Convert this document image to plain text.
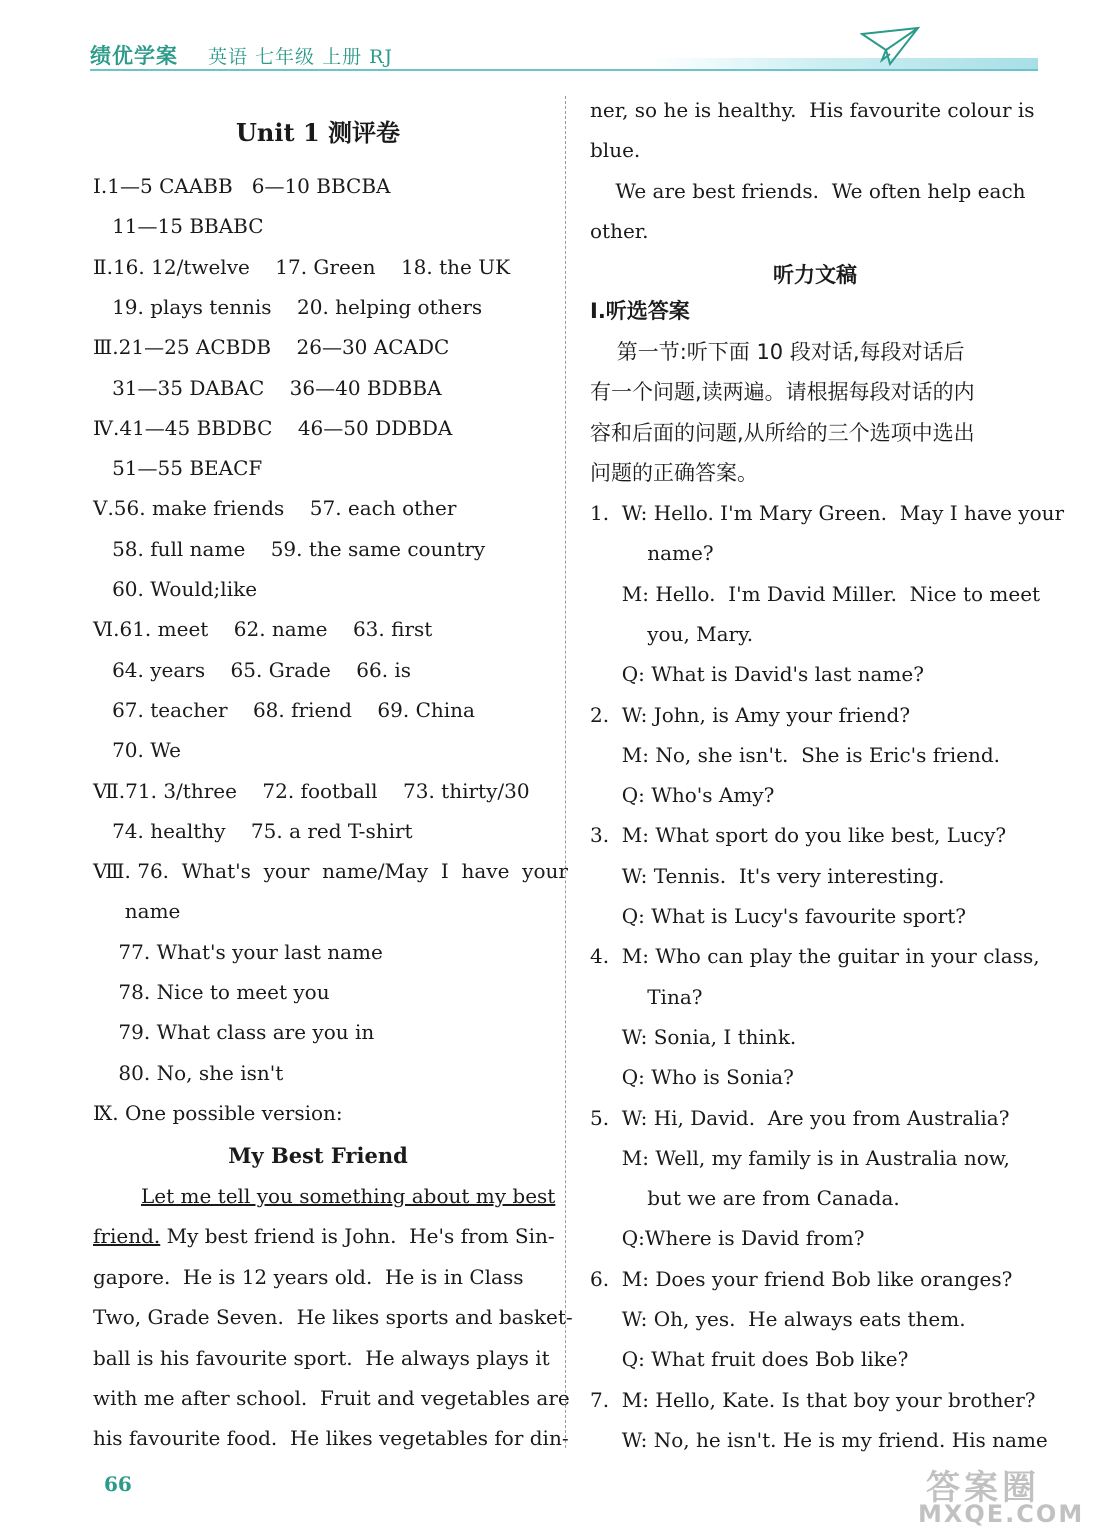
绩优学案 英语 七年级 上册 RJ
Unit 1 测评卷
Ⅰ.1—5 CAABB   6—10 BBCBA
11—15 BBABC
Ⅱ.16. 12/twelve    17. Green    18. the UK
19. plays tennis    20. helping others
Ⅲ.21—25 ACBDB    26—30 ACADC
31—35 DABAC    36—40 BDBBA
Ⅳ.41—45 BBDBC    46—50 DDBDA
51—55 BEACF
Ⅴ.56. make friends    57. each other
58. full name    59. the same country
60. Would;like
Ⅵ.61. meet    62. name    63. first
64. years    65. Grade    66. is
67. teacher    68. friend    69. China
70. We
Ⅶ.71. 3/three    72. football    73. thirty/30
74. healthy    75. a red T-shirt
Ⅷ. 76.  What's  your  name/May  I  have  your
name
77. What's your last name
78. Nice to meet you
79. What class are you in
80. No, she isn't
Ⅸ. One possible version:
My Best Friend
Let me tell you something about my best
friend. My best friend is John.  He's from Sin-
gapore.  He is 12 years old.  He is in Class
Two, Grade Seven.  He likes sports and basket-
ball is his favourite sport.  He always plays it
with me after school.  Fruit and vegetables are
his favourite food.  He likes vegetables for din-
ner, so he is healthy.  His favourite colour is
blue.
We are best friends.  We often help each
other.
听力文稿
Ⅰ.听选答案
第一节:听下面 10 段对话,每段对话后
有一个问题,读两遍。请根据每段对话的内
容和后面的问题,从所给的三个选项中选出
问题的正确答案。
1.  W: Hello. I'm Mary Green.  May I have your
name?
M: Hello.  I'm David Miller.  Nice to meet
you, Mary.
Q: What is David's last name?
2.  W: John, is Amy your friend?
M: No, she isn't.  She is Eric's friend.
Q: Who's Amy?
3.  M: What sport do you like best, Lucy?
W: Tennis.  It's very interesting.
Q: What is Lucy's favourite sport?
4.  M: Who can play the guitar in your class,
Tina?
W: Sonia, I think.
Q: Who is Sonia?
5.  W: Hi, David.  Are you from Australia?
M: Well, my family is in Australia now,
but we are from Canada.
Q:Where is David from?
6.  M: Does your friend Bob like oranges?
W: Oh, yes.  He always eats them.
Q: What fruit does Bob like?
7.  M: Hello, Kate. Is that boy your brother?
W: No, he isn't. He is my friend. His name
66	答案圈
MXQE.COM
